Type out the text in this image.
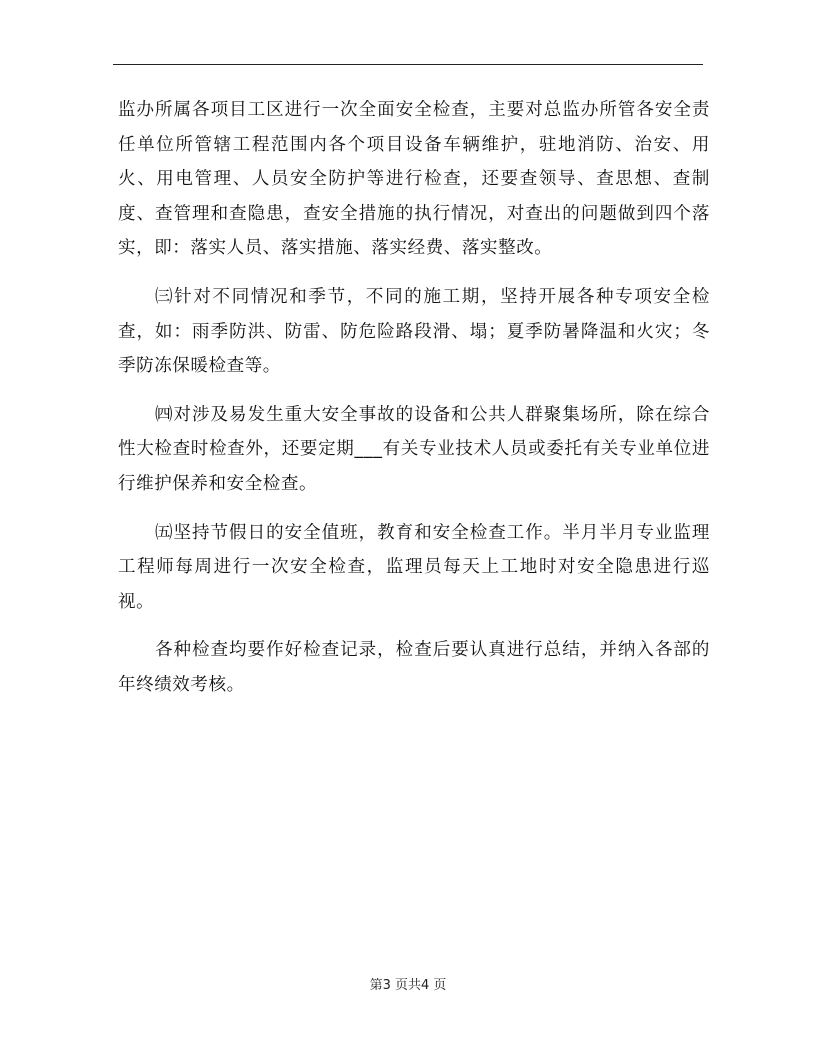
监办所属各项目工区进行一次全面安全检查，主要对总监办所管各安全责任单位所管辖工程范围内各个项目设备车辆维护，驻地消防、治安、用火、用电管理、人员安全防护等进行检查，还要查领导、查思想、查制度、查管理和查隐患，查安全措施的执行情况，对查出的问题做到四个落实，即：落实人员、落实措施、落实经费、落实整改。

㈢针对不同情况和季节，不同的施工期，坚持开展各种专项安全检查，如：雨季防洪、防雷、防危险路段滑、塌；夏季防暑降温和火灾；冬季防冻保暖检查等。

㈣对涉及易发生重大安全事故的设备和公共人群聚集场所，除在综合性大检查时检查外，还要定期___有关专业技术人员或委托有关专业单位进行维护保养和安全检查。

㈤坚持节假日的安全值班，教育和安全检查工作。半月半月专业监理工程师每周进行一次安全检查，监理员每天上工地时对安全隐患进行巡视。

各种检查均要作好检查记录，检查后要认真进行总结，并纳入各部的年终绩效考核。

第3 页共4 页
